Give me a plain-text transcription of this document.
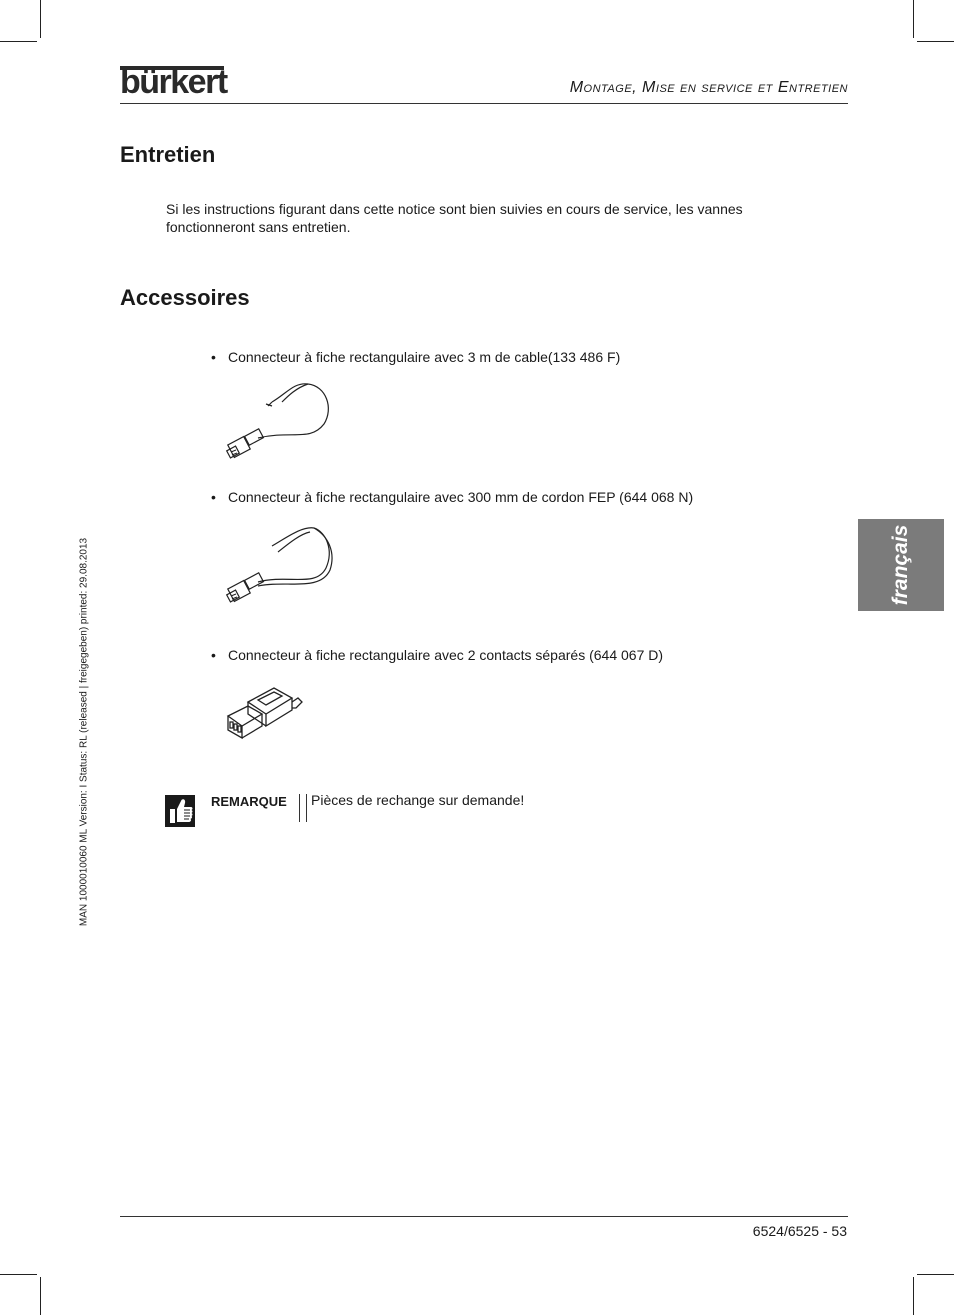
bürkert	Montage, Mise en service et Entretien
Entretien
Si les instructions figurant dans cette notice sont bien suivies en cours de service, les vannes fonctionneront sans entretien.
Accessoires
• Connecteur à fiche rectangulaire avec 3 m de cable(133 486 F)
• Connecteur à fiche rectangulaire avec 300 mm de cordon FEP (644 068 N)
• Connecteur à fiche rectangulaire avec 2 contacts séparés (644 067 D)
REMARQUE Pièces de rechange sur demande!
français
MAN 1000010060 ML Version: I Status: RL (released | freigegeben) printed: 29.08.2013
6524/6525 - 53
